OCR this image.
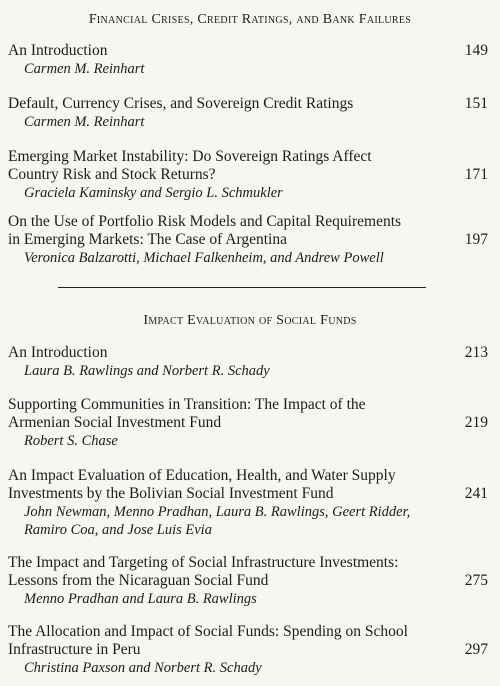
Financial Crises, Credit Ratings, and Bank Failures
An Introduction
Carmen M. Reinhart
149
Default, Currency Crises, and Sovereign Credit Ratings
Carmen M. Reinhart
151
Emerging Market Instability: Do Sovereign Ratings Affect
Country Risk and Stock Returns?
Graciela Kaminsky and Sergio L. Schmukler
171
On the Use of Portfolio Risk Models and Capital Requirements
in Emerging Markets: The Case of Argentina
Veronica Balzarotti, Michael Falkenheim, and Andrew Powell
197
Impact Evaluation of Social Funds
An Introduction
Laura B. Rawlings and Norbert R. Schady
213
Supporting Communities in Transition: The Impact of the
Armenian Social Investment Fund
Robert S. Chase
219
An Impact Evaluation of Education, Health, and Water Supply
Investments by the Bolivian Social Investment Fund
John Newman, Menno Pradhan, Laura B. Rawlings, Geert Ridder,
Ramiro Coa, and Jose Luis Evia
241
The Impact and Targeting of Social Infrastructure Investments:
Lessons from the Nicaraguan Social Fund
Menno Pradhan and Laura B. Rawlings
275
The Allocation and Impact of Social Funds: Spending on School
Infrastructure in Peru
Christina Paxson and Norbert R. Schady
297
